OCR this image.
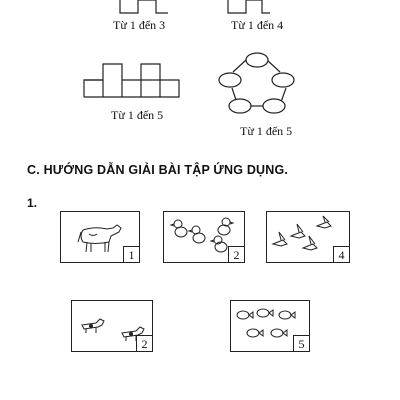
Từ 1 đến 3	Từ 1 đến 4
Từ 1 đến 5
Từ 1 đến 5
C. HƯỚNG DẪN GIẢI BÀI TẬP ỨNG DỤNG.
1.
1	2	4
2	5
